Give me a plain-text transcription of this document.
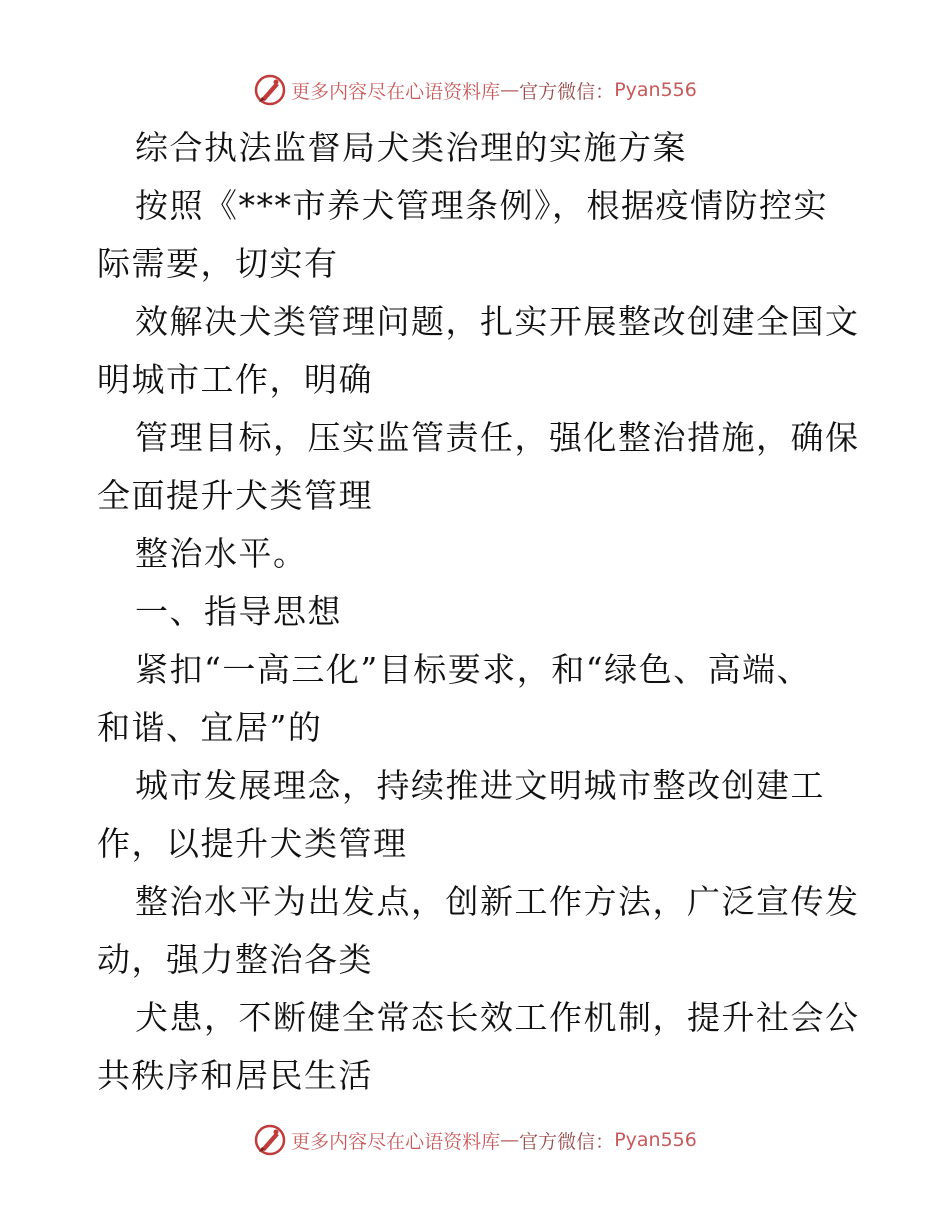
更多内容尽在心语资料库 — 官方微信： Pyan556
综合执法监督局犬类治理的实施方案
按照《***市养犬管理条例》，根据疫情防控实
际需要，切实有
效解决犬类管理问题，扎实开展整改创建全国文
明城市工作，明确
管理目标，压实监管责任，强化整治措施，确保
全面提升犬类管理
整治水平。
一、指导思想
紧扣“一高三化”目标要求，和“绿色、高端、
和谐、宜居”的
城市发展理念，持续推进文明城市整改创建工
作，以提升犬类管理
整治水平为出发点，创新工作方法，广泛宣传发
动，强力整治各类
犬患，不断健全常态长效工作机制，提升社会公
共秩序和居民生活
更多内容尽在心语资料库 — 官方微信： Pyan556
